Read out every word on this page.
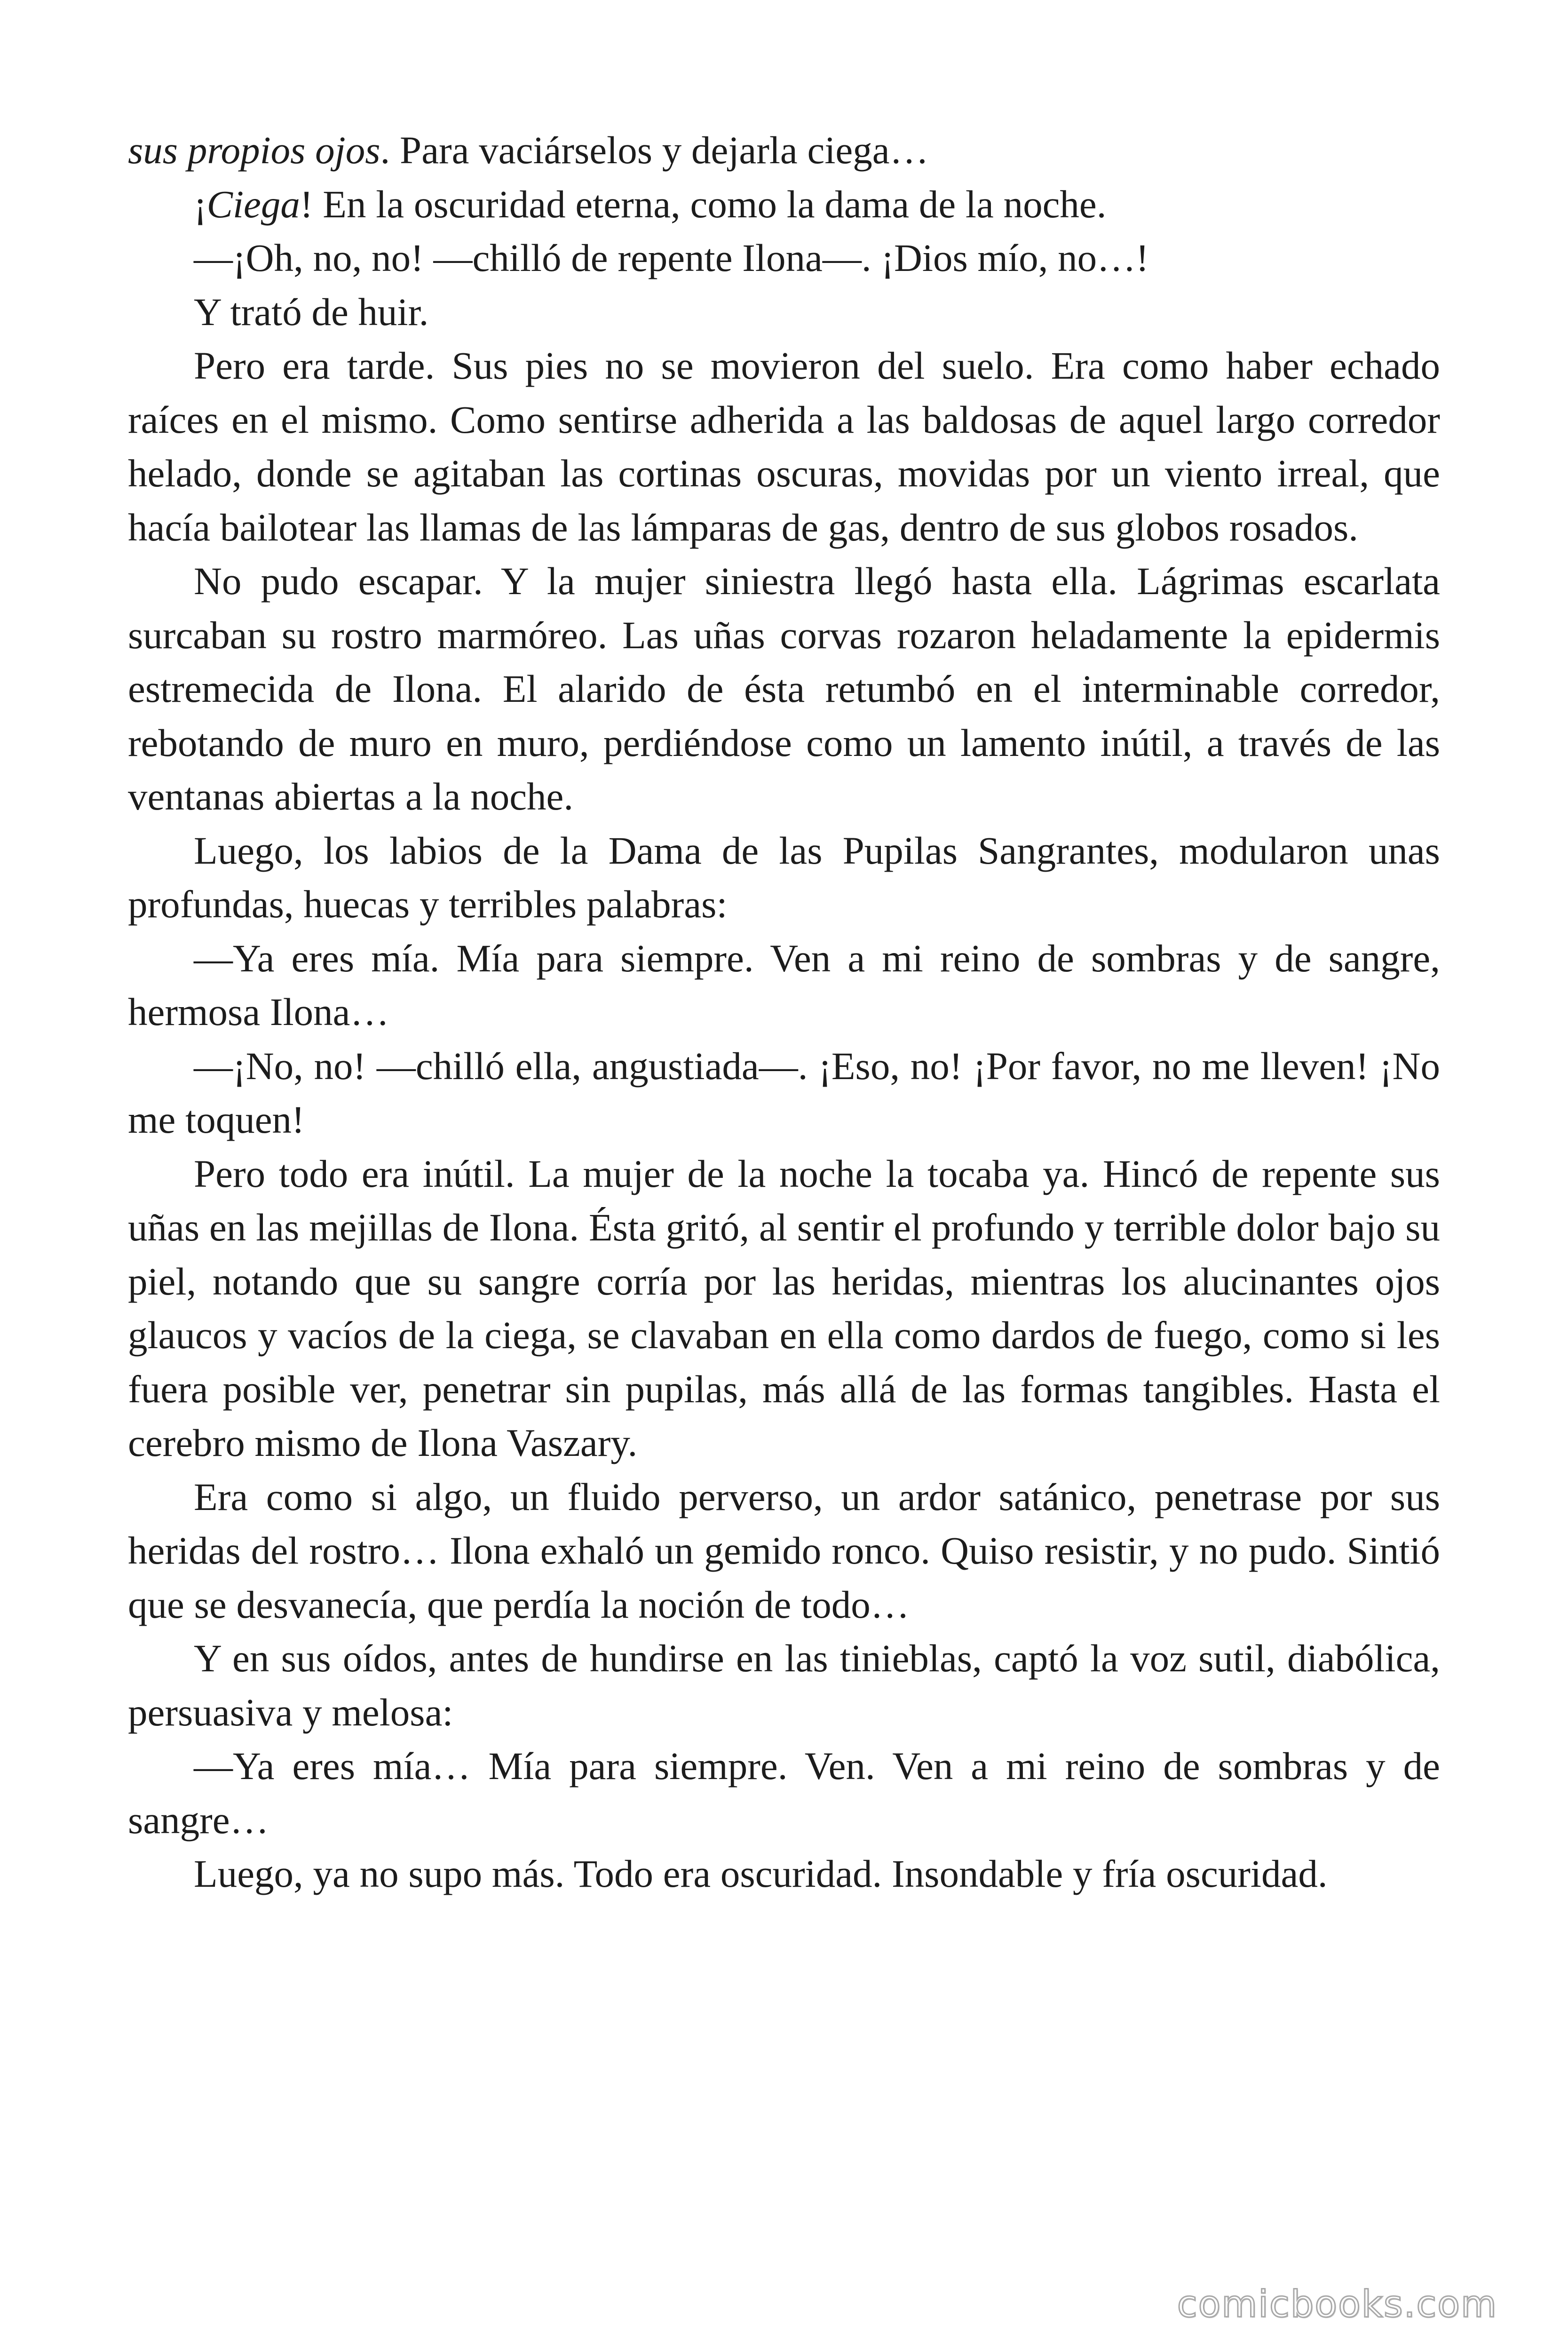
sus propios ojos. Para vaciárselos y dejarla ciega…

¡Ciega! En la oscuridad eterna, como la dama de la noche.

—¡Oh, no, no! —chilló de repente Ilona—. ¡Dios mío, no…!

Y trató de huir.

Pero era tarde. Sus pies no se movieron del suelo. Era como haber echado raíces en el mismo. Como sentirse adherida a las baldosas de aquel largo corredor helado, donde se agitaban las cortinas oscuras, movidas por un viento irreal, que hacía bailotear las llamas de las lámparas de gas, dentro de sus globos rosados.

No pudo escapar. Y la mujer siniestra llegó hasta ella. Lágrimas escarlata surcaban su rostro marmóreo. Las uñas corvas rozaron heladamente la epidermis estremecida de Ilona. El alarido de ésta retumbó en el interminable corredor, rebotando de muro en muro, perdiéndose como un lamento inútil, a través de las ventanas abiertas a la noche.

Luego, los labios de la Dama de las Pupilas Sangrantes, modularon unas profundas, huecas y terribles palabras:

—Ya eres mía. Mía para siempre. Ven a mi reino de sombras y de sangre, hermosa Ilona…

—¡No, no! —chilló ella, angustiada—. ¡Eso, no! ¡Por favor, no me lleven! ¡No me toquen!

Pero todo era inútil. La mujer de la noche la tocaba ya. Hincó de repente sus uñas en las mejillas de Ilona. Ésta gritó, al sentir el profundo y terrible dolor bajo su piel, notando que su sangre corría por las heridas, mientras los alucinantes ojos glaucos y vacíos de la ciega, se clavaban en ella como dardos de fuego, como si les fuera posible ver, penetrar sin pupilas, más allá de las formas tangibles. Hasta el cerebro mismo de Ilona Vaszary.

Era como si algo, un fluido perverso, un ardor satánico, penetrase por sus heridas del rostro… Ilona exhaló un gemido ronco. Quiso resistir, y no pudo. Sintió que se desvanecía, que perdía la noción de todo…

Y en sus oídos, antes de hundirse en las tinieblas, captó la voz sutil, diabólica, persuasiva y melosa:

—Ya eres mía… Mía para siempre. Ven. Ven a mi reino de sombras y de sangre…

Luego, ya no supo más. Todo era oscuridad. Insondable y fría oscuridad.

comicbooks.com
